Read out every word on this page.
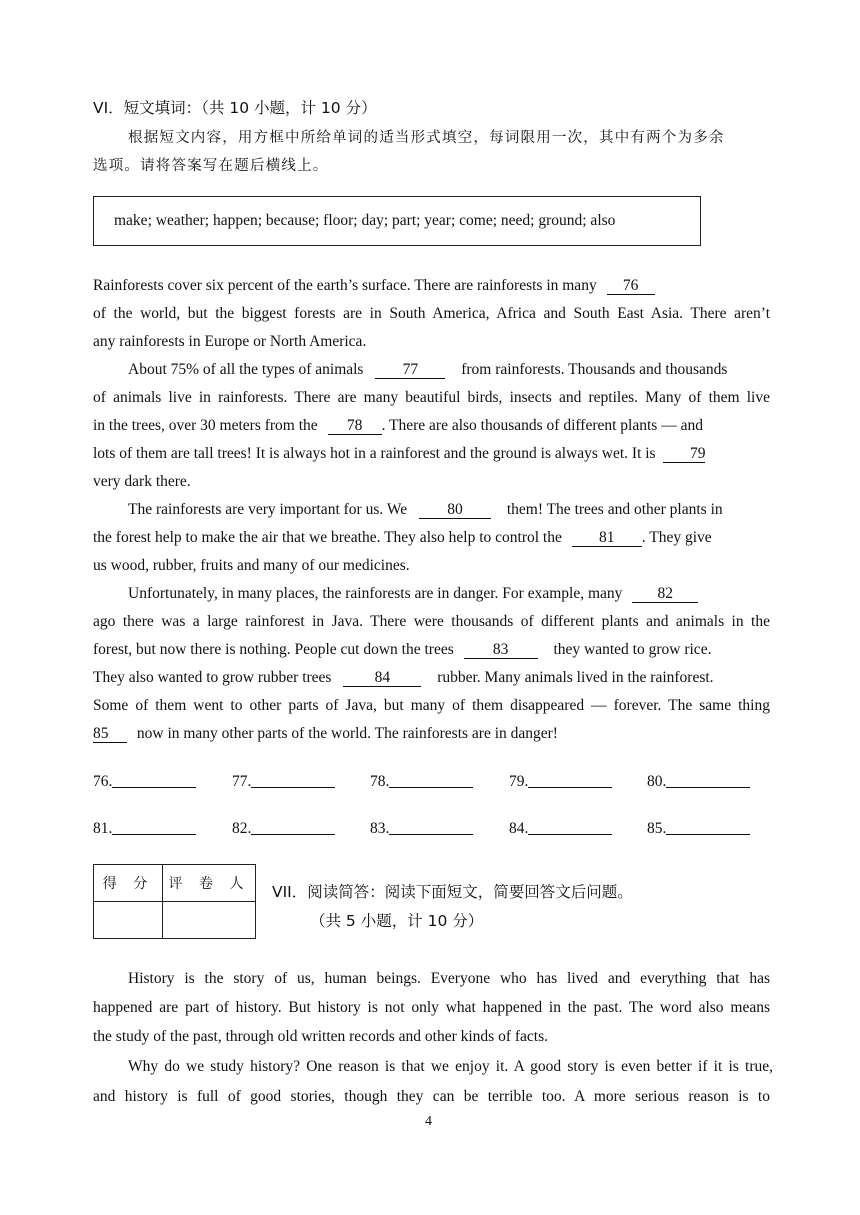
VI．短文填词：（共 10 小题，计 10 分）
根据短文内容，用方框中所给单词的适当形式填空，每词限用一次，其中有两个为多余
选项。请将答案写在题后横线上。
make; weather; happen; because; floor; day; part; year; come; need; ground; also
Rainforests cover six percent of the earth’s surface. There are rainforests in many 76
of the world, but the biggest forests are in South America, Africa and South East Asia. There aren’t
any rainforests in Europe or North America.
About 75% of all the types of animals	77	from rainforests. Thousands and thousands
of animals live in rainforests. There are many beautiful birds, insects and reptiles. Many of them live
in the trees, over 30 meters from the 78 . There are also thousands of different plants — and
lots of them are tall trees! It is always hot in a rainforest and the ground is always wet. It is 79
very dark there.
The rainforests are very important for us. We	80	them! The trees and other plants in
the forest help to make the air that we breathe. They also help to control the 81 . They give
us wood, rubber, fruits and many of our medicines.
Unfortunately, in many places, the rainforests are in danger. For example, many 82
ago there was a large rainforest in Java. There were thousands of different plants and animals in the
forest, but now there is nothing. People cut down the trees	83	they wanted to grow rice.
They also wanted to grow rubber trees	84	rubber. Many animals lived in the rainforest.
Some of them went to other parts of Java, but many of them disappeared — forever. The same thing
85 now in many other parts of the world. The rainforests are in danger!
76.	77.	78.	79.	80.
81.	82.	83.	84.	85.
得 分	评 卷 人
	VII．阅读简答：阅读下面短文，简要回答文后问题。
（共 5 小题，计 10 分）
History is the story of us, human beings. Everyone who has lived and everything that has
happened are part of history. But history is not only what happened in the past. The word also means
the study of the past, through old written records and other kinds of facts.
Why do we study history? One reason is that we enjoy it. A good story is even better if it is true,
and history is full of good stories, though they can be terrible too. A more serious reason is to
4
